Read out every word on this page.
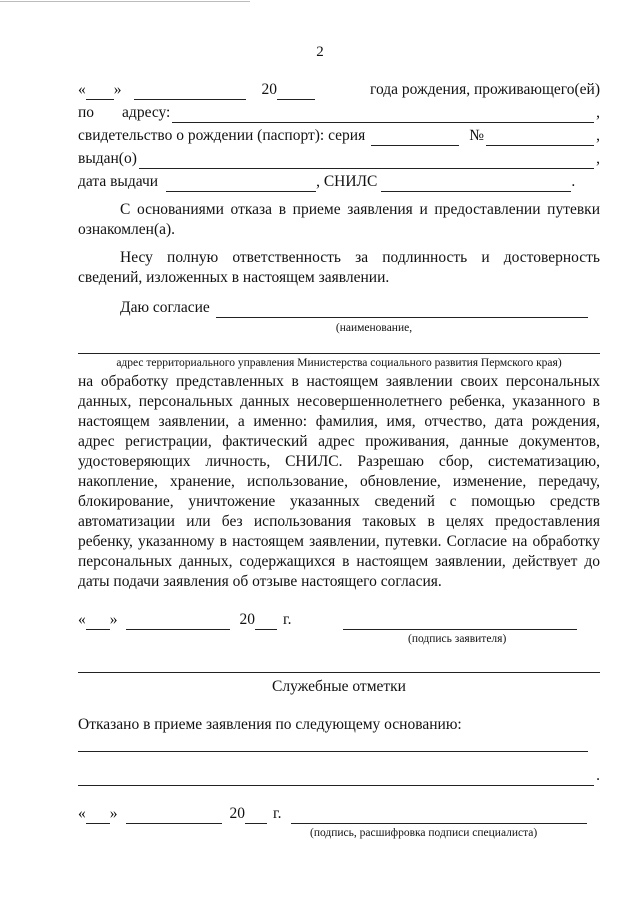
2
« »	20	года рождения, проживающего(ей)
по адресу:	,
свидетельство о рождении (паспорт): серия	№	,
выдан(о)	,
дата выдачи	, СНИЛС	.
С основаниями отказа в приеме заявления и предоставлении путевки ознакомлен(а).
Несу полную ответственность за подлинность и достоверность сведений, изложенных в настоящем заявлении.
Даю согласие
(наименование,
адрес территориального управления Министерства социального развития Пермского края)
на обработку представленных в настоящем заявлении своих персональных данных, персональных данных несовершеннолетнего ребенка, указанного в настоящем заявлении, а именно: фамилия, имя, отчество, дата рождения, адрес регистрации, фактический адрес проживания, данные документов, удостоверяющих личность, СНИЛС. Разрешаю сбор, систематизацию, накопление, хранение, использование, обновление, изменение, передачу, блокирование, уничтожение указанных сведений с помощью средств автоматизации или без использования таковых в целях предоставления ребенку, указанному в настоящем заявлении, путевки. Согласие на обработку персональных данных, содержащихся в настоящем заявлении, действует до даты подачи заявления об отзыве настоящего согласия.
« »	20 г.
(подпись заявителя)
Служебные отметки
Отказано в приеме заявления по следующему основанию:
.
« »	20 г.
(подпись, расшифровка подписи специалиста)
